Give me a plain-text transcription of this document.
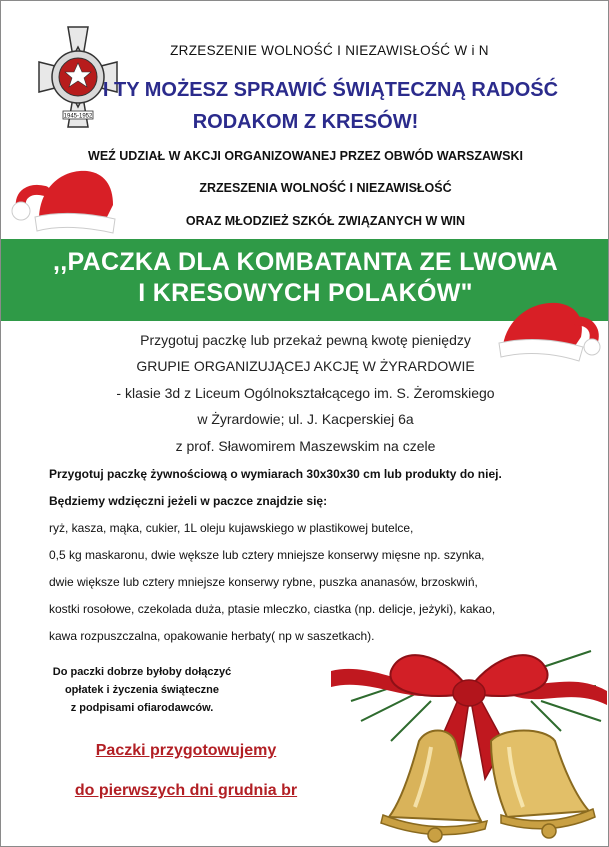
1945-1952
ZRZESZENIE WOLNOŚĆ I NIEZAWISŁOŚĆ W i N
I TY MOŻESZ SPRAWIĆ ŚWIĄTECZNĄ RADOŚĆ
RODAKOM Z KRESÓW!
WEŹ UDZIAŁ W AKCJI ORGANIZOWANEJ PRZEZ OBWÓD WARSZAWSKI
ZRZESZENIA WOLNOŚĆ I NIEZAWISŁOŚĆ
ORAZ MŁODZIEŻ SZKÓŁ ZWIĄZANYCH W WIN
,,PACZKA DLA KOMBATANTA ZE LWOWA
I KRESOWYCH POLAKÓW"
Przygotuj paczkę lub przekaż pewną kwotę pieniędzy
GRUPIE ORGANIZUJĄCEJ AKCJĘ W ŻYRARDOWIE
- klasie 3d z Liceum Ogólnokształcącego im. S. Żeromskiego
w Żyrardowie; ul. J. Kacperskiej 6a
z prof. Sławomirem Maszewskim na czele
Przygotuj paczkę żywnościową o wymiarach 30x30x30 cm lub produkty do niej.
Będziemy wdzięczni jeżeli w paczce znajdzie się:
ryż, kasza, mąka, cukier, 1L oleju kujawskiego w plastikowej butelce,
0,5 kg maskaronu, dwie wększe lub cztery mniejsze konserwy mięsne np. szynka,
dwie większe lub cztery mniejsze konserwy rybne, puszka ananasów, brzoskwiń,
kostki rosołowe, czekolada duża, ptasie mleczko, ciastka (np. delicje, jeżyki), kakao,
kawa rozpuszczalna, opakowanie herbaty( np w saszetkach).
Do paczki dobrze byłoby dołączyć
opłatek i życzenia świąteczne
z podpisami ofiarodawców.
Paczki przygotowujemy
do pierwszych dni grudnia br
